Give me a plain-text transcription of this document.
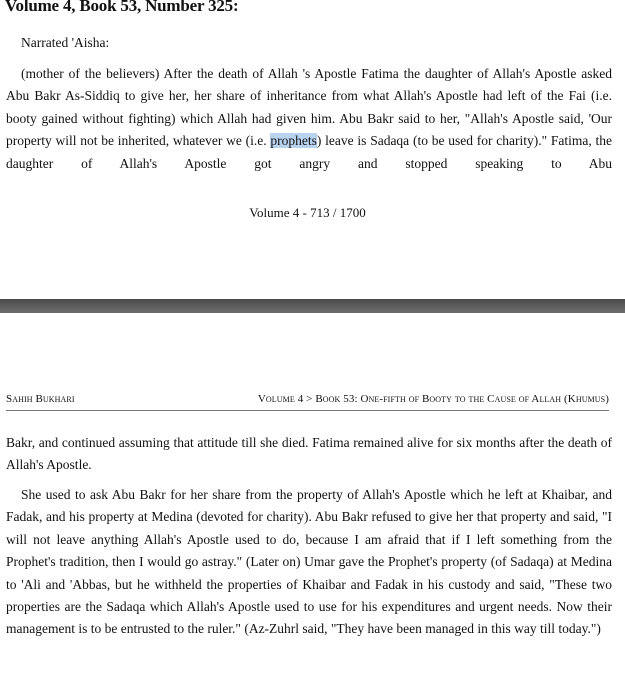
Volume 4, Book 53, Number 325:
Narrated 'Aisha:

(mother of the believers) After the death of Allah 's Apostle Fatima the daughter of Allah's Apostle asked Abu Bakr As-Siddiq to give her, her share of inheritance from what Allah's Apostle had left of the Fai (i.e. booty gained without fighting) which Allah had given him. Abu Bakr said to her, "Allah's Apostle said, 'Our property will not be inherited, whatever we (i.e. prophets) leave is Sadaqa (to be used for charity)." Fatima, the daughter of Allah's Apostle got angry and stopped speaking to Abu

Volume 4 - 713 / 1700
Sahih Bukhari	Volume 4 > Book 53: One-fifth of Booty to the Cause of Allah (Khumus)

Bakr, and continued assuming that attitude till she died. Fatima remained alive for six months after the death of Allah's Apostle.

She used to ask Abu Bakr for her share from the property of Allah's Apostle which he left at Khaibar, and Fadak, and his property at Medina (devoted for charity). Abu Bakr refused to give her that property and said, "I will not leave anything Allah's Apostle used to do, because I am afraid that if I left something from the Prophet's tradition, then I would go astray." (Later on) Umar gave the Prophet's property (of Sadaqa) at Medina to 'Ali and 'Abbas, but he withheld the properties of Khaibar and Fadak in his custody and said, "These two properties are the Sadaqa which Allah's Apostle used to use for his expenditures and urgent needs. Now their management is to be entrusted to the ruler." (Az-Zuhrl said, "They have been managed in this way till today.")
